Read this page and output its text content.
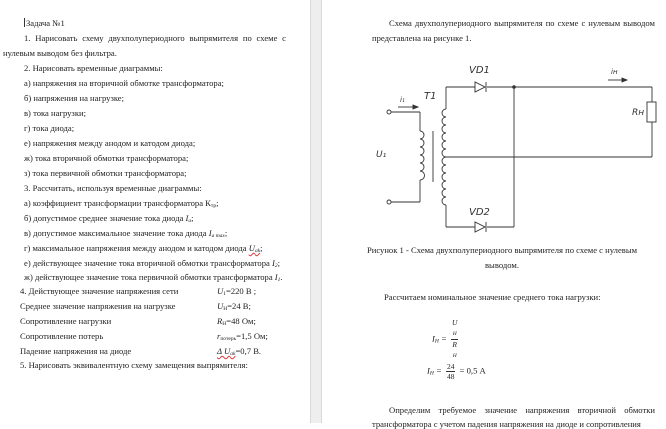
Задача №1
1. Нарисовать схему двухполупериодного выпрямителя по схеме с
нулевым выводом без фильтра.
2. Нарисовать временные диаграммы:
а) напряжения на вторичной обмотке трансформатора;
б) напряжения на нагрузке;
в) тока нагрузки;
г) тока диода;
е) напряжения между анодом и катодом диода;
ж) тока вторичной обмотки трансформатора;
з) тока первичной обмотки трансформатора;
3. Рассчитать, используя временные диаграммы:
а) коэффициент трансформации трансформатора $К_{тр}$;
б) допустимое среднее значение тока диода $I_а$;
в) допустимое максимальное значение тока диода $I_{a max}$;
г) максимальное напряжения между анодом и катодом диода $U_{ak}$;
е) действующее значение тока вторичной обмотки трансформатора $I_2$;
ж) действующее значение тока первичной обмотки трансформатора $I_1$.
4. Действующее значение напряжения сети	$U_1=220$ В ;
Среднее значение напряжения на нагрузке	$U_Н=24$ В;
Сопротивление нагрузки	$R_Н=48$ Ом;
Сопротивление потерь	$r_{потерь}=1,5$ Ом;
Падение напряжения на диоде	Δ $U_{ak}=0,7$ В.
5. Нарисовать эквивалентную схему замещения выпрямителя:
Схема двухполупериодного выпрямителя по схеме с нулевым выводом
представлена на рисунке 1.
VD1
VD2
T1
U₁
i₁
iн
Rн
Рисунок 1 - Схема двухполупериодного выпрямителя по схеме с нулевым
выводом.
Рассчитаем номинальное значение среднего тока нагрузки:
$I_Н = U$
$_Н$
R
$_Н$
$I_Н = \frac{24}{48} = 0,5$ А
Определим требуемое значение напряжения вторичной обмотки
трансформатора с учетом падения напряжения на диоде и сопротивления
